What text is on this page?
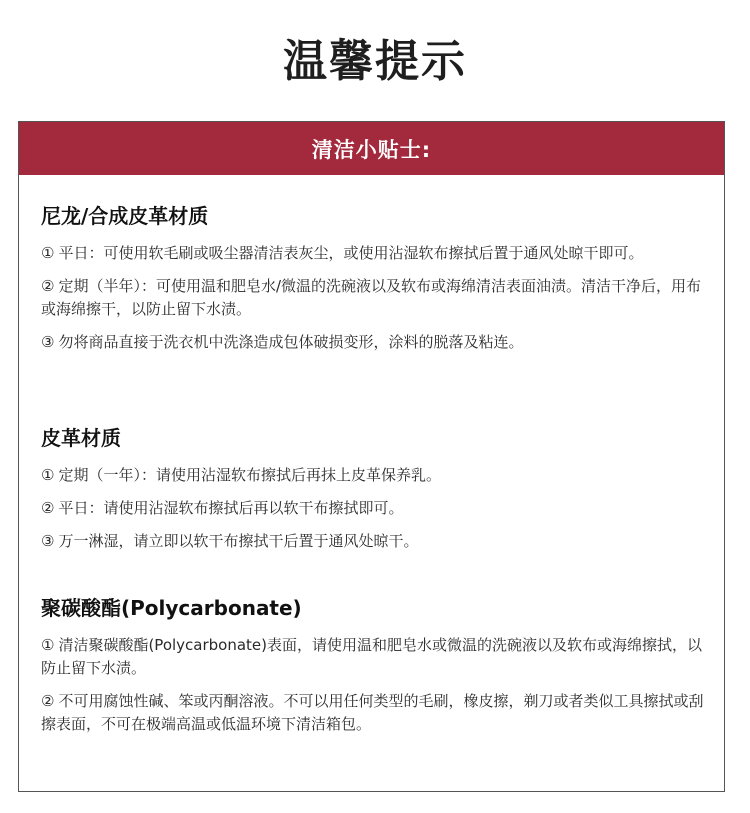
温馨提示
清洁小贴士:
尼龙/合成皮革材质
① 平日：可使用软毛刷或吸尘器清洁表灰尘，或使用沾湿软布擦拭后置于通风处晾干即可。
② 定期（半年）：可使用温和肥皂水/微温的洗碗液以及软布或海绵清洁表面油渍。清洁干净后，用布或海绵擦干，以防止留下水渍。
③ 勿将商品直接于洗衣机中洗涤造成包体破损变形，涂料的脱落及粘连。
皮革材质
① 定期（一年）：请使用沾湿软布擦拭后再抹上皮革保养乳。
② 平日：请使用沾湿软布擦拭后再以软干布擦拭即可。
③ 万一淋湿，请立即以软干布擦拭干后置于通风处晾干。
聚碳酸酯(Polycarbonate)
① 清洁聚碳酸酯(Polycarbonate)表面，请使用温和肥皂水或微温的洗碗液以及软布或海绵擦拭，以防止留下水渍。
② 不可用腐蚀性碱、笨或丙酮溶液。不可以用任何类型的毛刷，橡皮擦，剃刀或者类似工具擦拭或刮擦表面，不可在极端高温或低温环境下清洁箱包。
